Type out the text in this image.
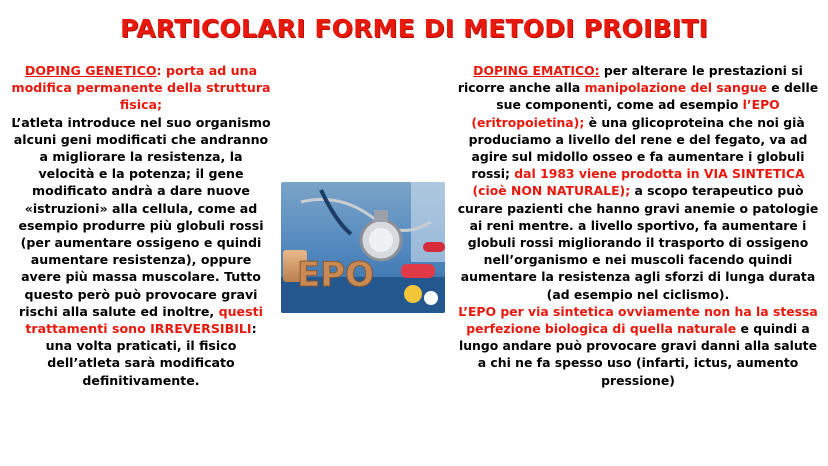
PARTICOLARI FORME DI METODI PROIBITI
DOPING GENETICO: porta ad una modifica permanente della struttura fisica;
L’atleta introduce nel suo organismo alcuni geni modificati che andranno a migliorare la resistenza, la velocità e la potenza; il gene modificato andrà a dare nuove «istruzioni» alla cellula, come ad esempio produrre più globuli rossi (per aumentare ossigeno e quindi aumentare resistenza), oppure avere più massa muscolare. Tutto questo però può provocare gravi rischi alla salute ed inoltre, questi trattamenti sono IRREVERSIBILI: una volta praticati, il fisico dell’atleta sarà modificato definitivamente.
EPO
DOPING EMATICO: per alterare le prestazioni si ricorre anche alla manipolazione del sangue e delle sue componenti, come ad esempio l’EPO (eritropoietina); è una glicoproteina che noi già produciamo a livello del rene e del fegato, va ad agire sul midollo osseo e fa aumentare i globuli rossi; dal 1983 viene prodotta in VIA SINTETICA (cioè NON NATURALE); a scopo terapeutico può curare pazienti che hanno gravi anemie o patologie ai reni mentre. a livello sportivo, fa aumentare i globuli rossi migliorando il trasporto di ossigeno nell’organismo e nei muscoli facendo quindi aumentare la resistenza agli sforzi di lunga durata (ad esempio nel ciclismo).
L’EPO per via sintetica ovviamente non ha la stessa perfezione biologica di quella naturale e quindi a lungo andare può provocare gravi danni alla salute a chi ne fa spesso uso (infarti, ictus, aumento pressione)
